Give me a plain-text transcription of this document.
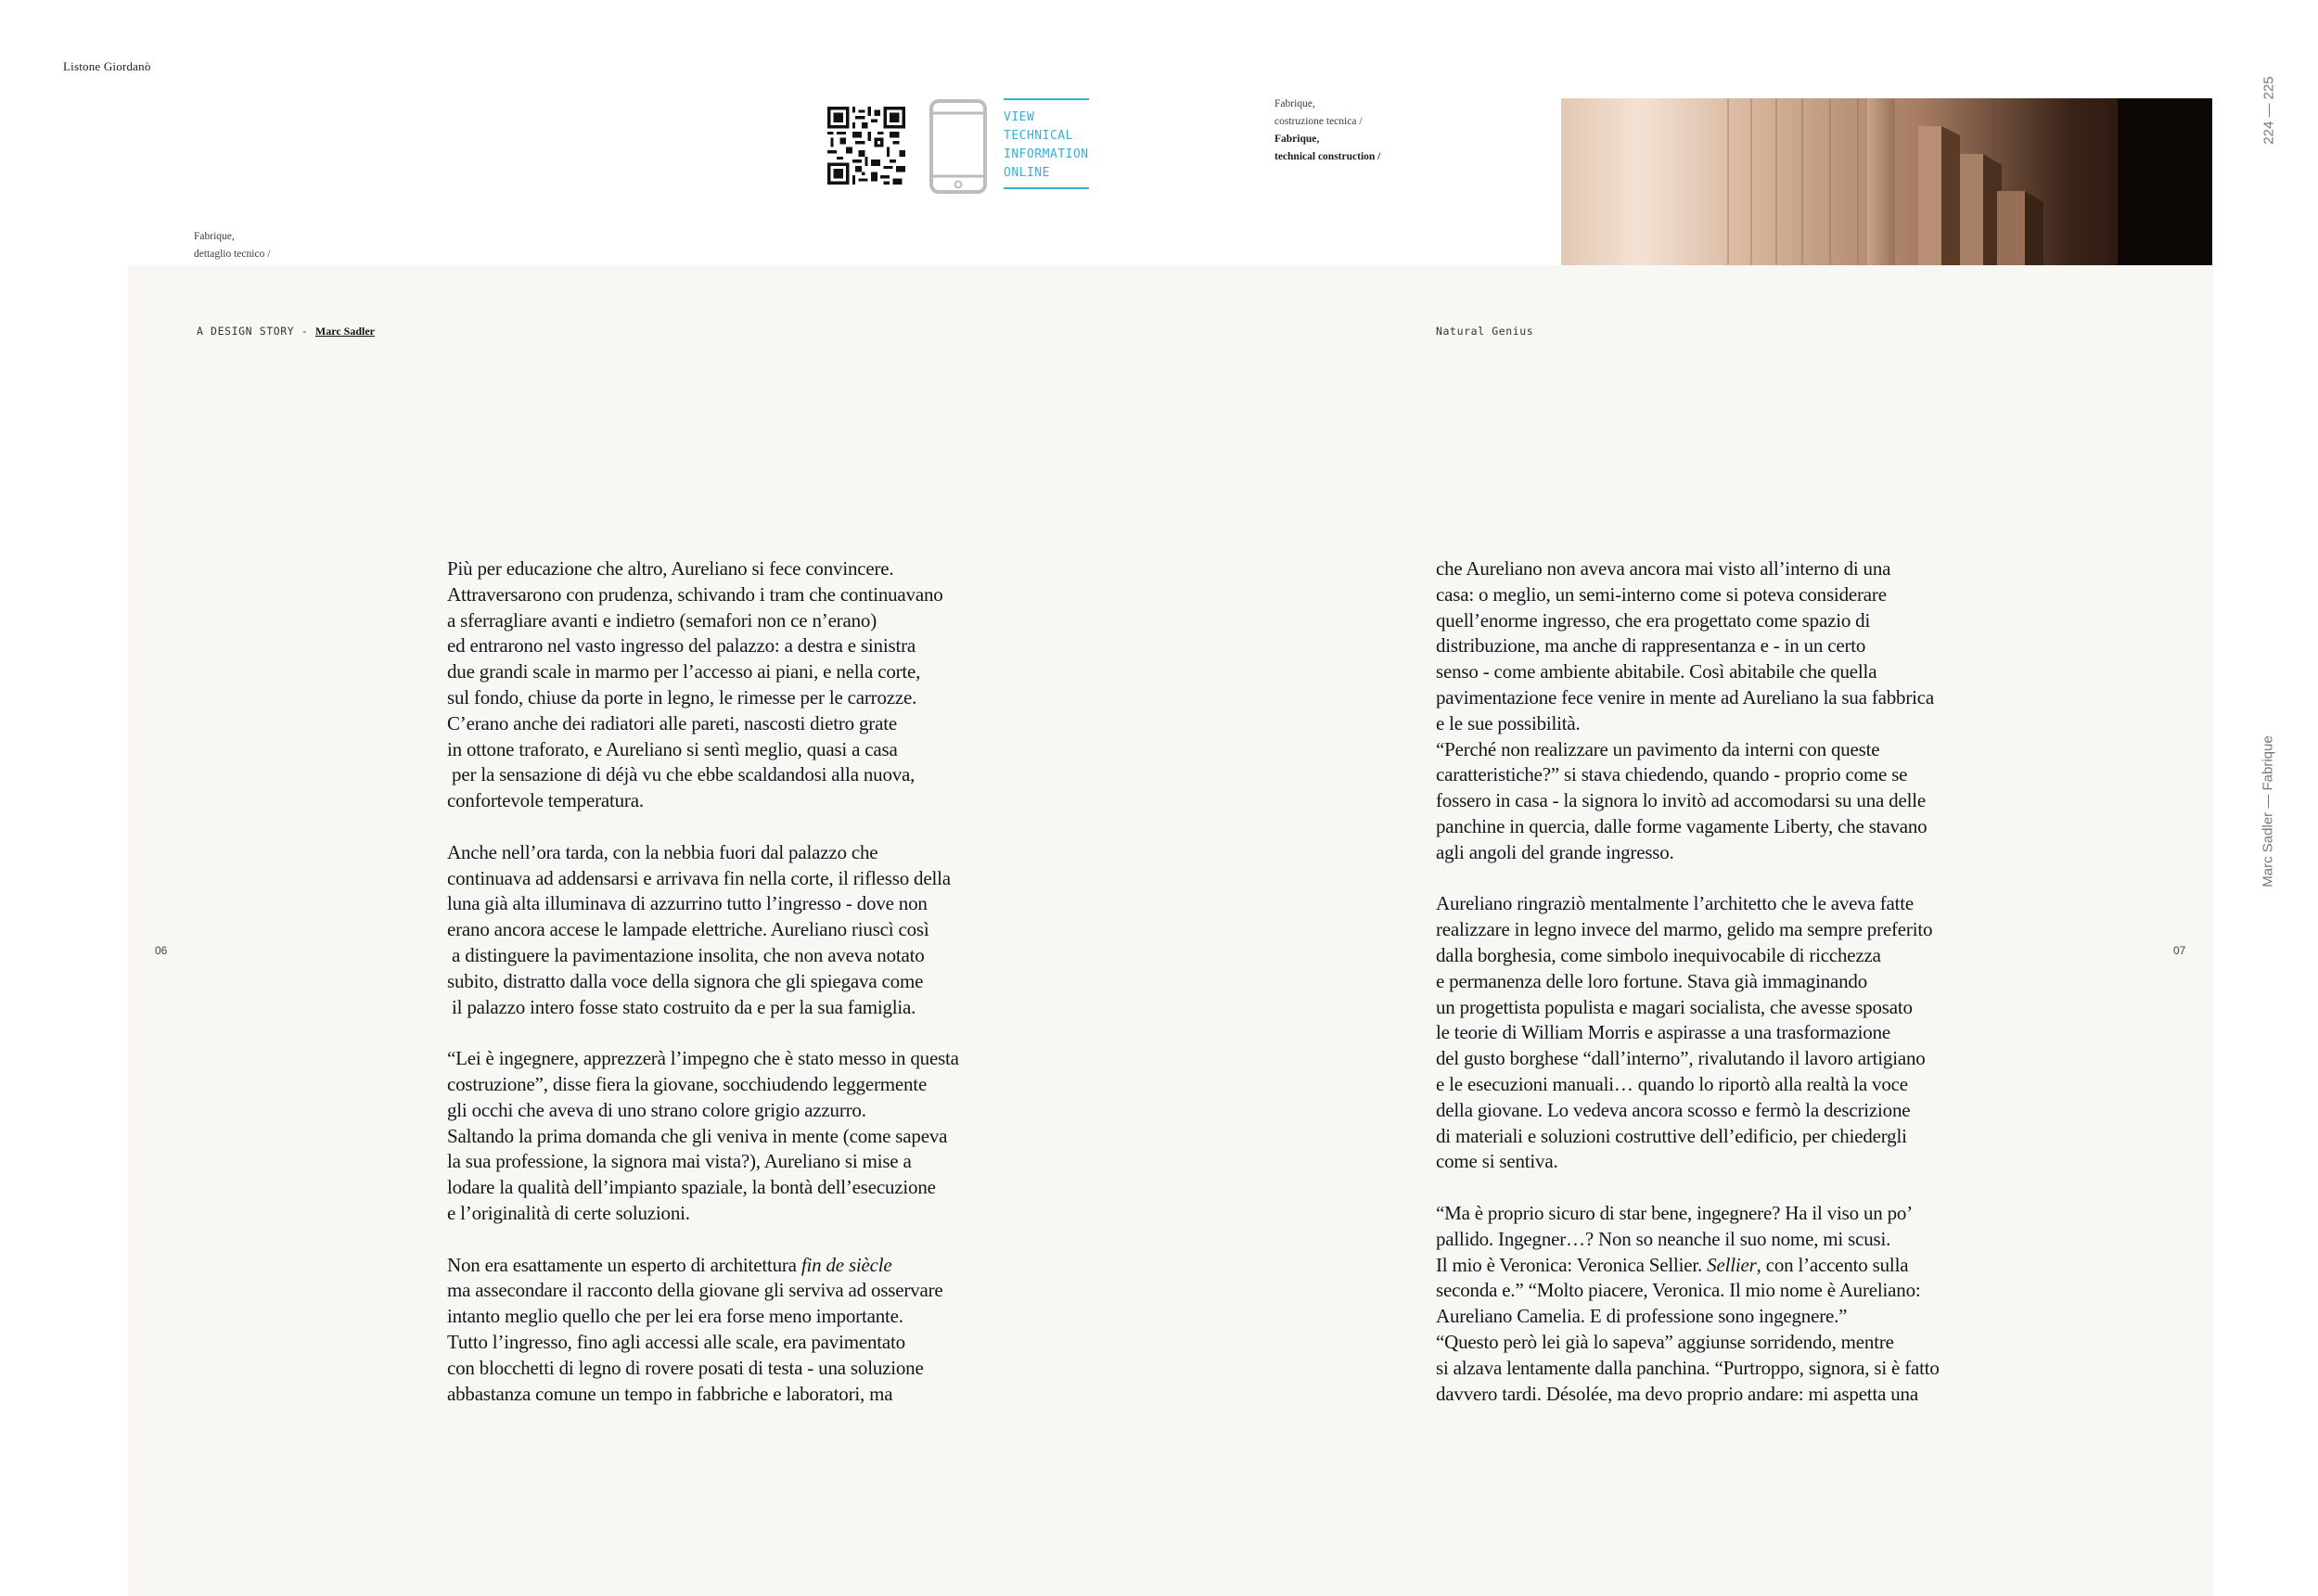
Listone Giordanò
Fabrique,
dettaglio tecnico /
VIEW
TECHNICAL
INFORMATION
ONLINE
Fabrique,
costruzione tecnica /
Fabrique,
technical construction /
224 — 225
Marc Sadler — Fabrique
A DESIGN STORY - Marc Sadler	Natural Genius
06	07
Più per educazione che altro, Aureliano si fece convincere.
Attraversarono con prudenza, schivando i tram che continuavano
a sferragliare avanti e indietro (semafori non ce n’erano)
ed entrarono nel vasto ingresso del palazzo: a destra e sinistra
due grandi scale in marmo per l’accesso ai piani, e nella corte,
sul fondo, chiuse da porte in legno, le rimesse per le carrozze.
C’erano anche dei radiatori alle pareti, nascosti dietro grate
in ottone traforato, e Aureliano si sentì meglio, quasi a casa
per la sensazione di déjà vu che ebbe scaldandosi alla nuova,
confortevole temperatura.
Anche nell’ora tarda, con la nebbia fuori dal palazzo che
continuava ad addensarsi e arrivava fin nella corte, il riflesso della
luna già alta illuminava di azzurrino tutto l’ingresso - dove non
erano ancora accese le lampade elettriche. Aureliano riuscì così
a distinguere la pavimentazione insolita, che non aveva notato
subito, distratto dalla voce della signora che gli spiegava come
il palazzo intero fosse stato costruito da e per la sua famiglia.
“Lei è ingegnere, apprezzerà l’impegno che è stato messo in questa
costruzione”, disse fiera la giovane, socchiudendo leggermente
gli occhi che aveva di uno strano colore grigio azzurro.
Saltando la prima domanda che gli veniva in mente (come sapeva
la sua professione, la signora mai vista?), Aureliano si mise a
lodare la qualità dell’impianto spaziale, la bontà dell’esecuzione
e l’originalità di certe soluzioni.
Non era esattamente un esperto di architettura fin de siècle
ma assecondare il racconto della giovane gli serviva ad osservare
intanto meglio quello che per lei era forse meno importante.
Tutto l’ingresso, fino agli accessi alle scale, era pavimentato
con blocchetti di legno di rovere posati di testa - una soluzione
abbastanza comune un tempo in fabbriche e laboratori, ma
che Aureliano non aveva ancora mai visto all’interno di una
casa: o meglio, un semi-interno come si poteva considerare
quell’enorme ingresso, che era progettato come spazio di
distribuzione, ma anche di rappresentanza e - in un certo
senso - come ambiente abitabile. Così abitabile che quella
pavimentazione fece venire in mente ad Aureliano la sua fabbrica
e le sue possibilità.
“Perché non realizzare un pavimento da interni con queste
caratteristiche?” si stava chiedendo, quando - proprio come se
fossero in casa - la signora lo invitò ad accomodarsi su una delle
panchine in quercia, dalle forme vagamente Liberty, che stavano
agli angoli del grande ingresso.
Aureliano ringraziò mentalmente l’architetto che le aveva fatte
realizzare in legno invece del marmo, gelido ma sempre preferito
dalla borghesia, come simbolo inequivocabile di ricchezza
e permanenza delle loro fortune. Stava già immaginando
un progettista populista e magari socialista, che avesse sposato
le teorie di William Morris e aspirasse a una trasformazione
del gusto borghese “dall’interno”, rivalutando il lavoro artigiano
e le esecuzioni manuali… quando lo riportò alla realtà la voce
della giovane. Lo vedeva ancora scosso e fermò la descrizione
di materiali e soluzioni costruttive dell’edificio, per chiedergli
come si sentiva.
“Ma è proprio sicuro di star bene, ingegnere? Ha il viso un po’
pallido. Ingegner…? Non so neanche il suo nome, mi scusi.
Il mio è Veronica: Veronica Sellier. Sellier, con l’accento sulla
seconda e.” “Molto piacere, Veronica. Il mio nome è Aureliano:
Aureliano Camelia. E di professione sono ingegnere.”
“Questo però lei già lo sapeva” aggiunse sorridendo, mentre
si alzava lentamente dalla panchina. “Purtroppo, signora, si è fatto
davvero tardi. Désolée, ma devo proprio andare: mi aspetta una
